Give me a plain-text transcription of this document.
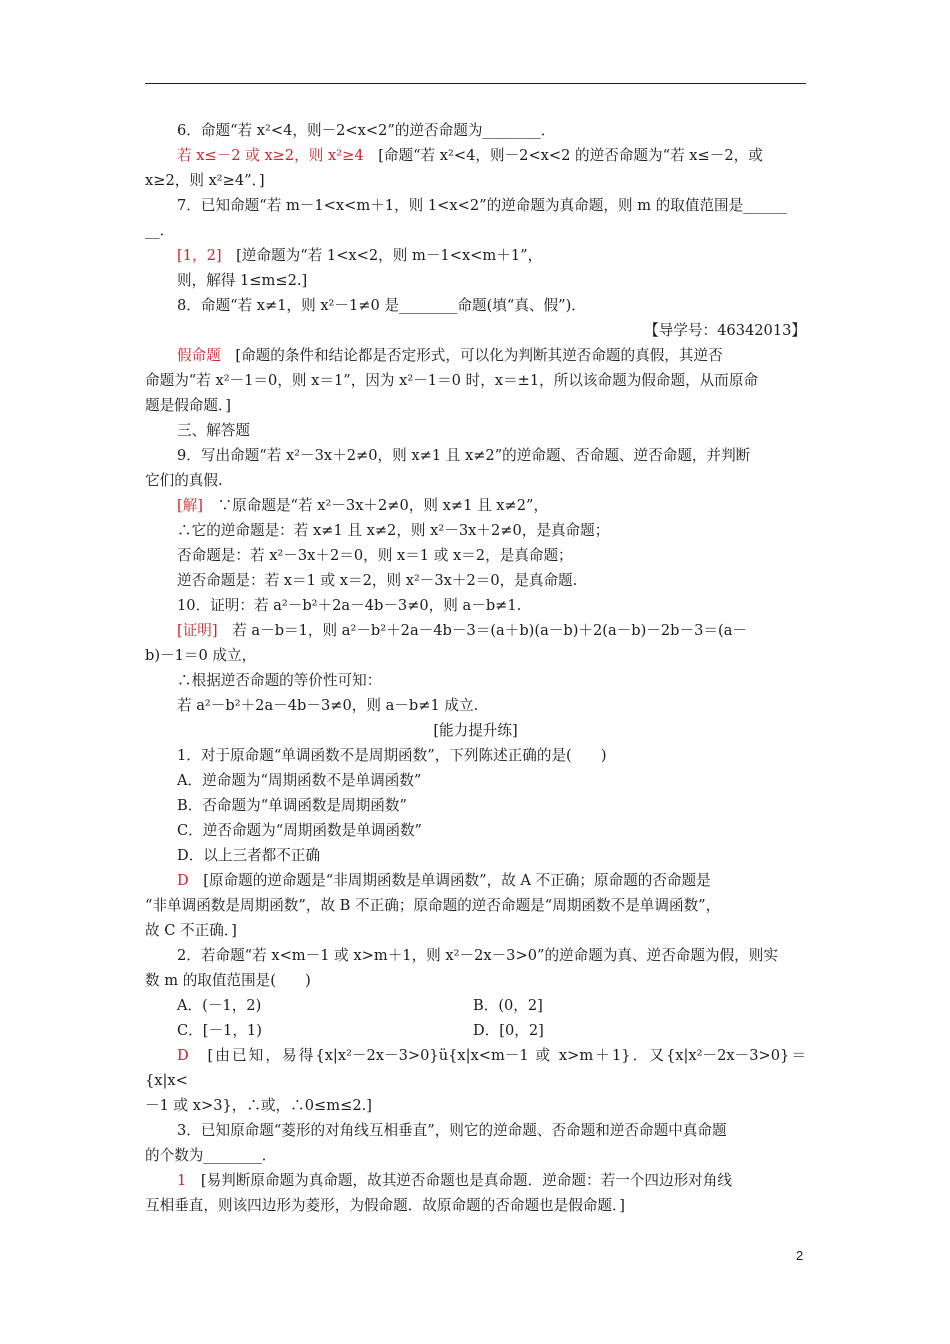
6．命题“若 x²<4，则－2<x<2”的逆否命题为________．
若 x≤－2 或 x≥2，则 x²≥4　[命题“若 x²<4，则－2<x<2 的逆否命题为“若 x≤－2，或
x≥2，则 x²≥4”．]
7．已知命题“若 m－1<x<m＋1，则 1<x<2”的逆命题为真命题，则 m 的取值范围是______
__．
[1，2]　[逆命题为“若 1<x<2，则 m－1<x<m＋1”，
则，解得 1≤m≤2.]
8．命题“若 x≠1，则 x²－1≠0 是________命题(填“真、假”)．
【导学号：46342013】
假命题　[命题的条件和结论都是否定形式，可以化为判断其逆否命题的真假，其逆否
命题为“若 x²－1＝0，则 x＝1”，因为 x²－1＝0 时，x＝±1，所以该命题为假命题，从而原命
题是假命题．]
三、解答题
9．写出命题“若 x²－3x＋2≠0，则 x≠1 且 x≠2”的逆命题、否命题、逆否命题，并判断
它们的真假.
[解]　∵原命题是“若 x²－3x＋2≠0，则 x≠1 且 x≠2”，
∴它的逆命题是：若 x≠1 且 x≠2，则 x²－3x＋2≠0，是真命题；
否命题是：若 x²－3x＋2＝0，则 x＝1 或 x＝2，是真命题；
逆否命题是：若 x＝1 或 x＝2，则 x²－3x＋2＝0，是真命题.
10．证明：若 a²－b²＋2a－4b－3≠0，则 a－b≠1.
[证明]　若 a－b＝1，则 a²－b²＋2a－4b－3＝(a＋b)(a－b)＋2(a－b)－2b－3＝(a－
b)－1＝0 成立，
∴根据逆否命题的等价性可知：
若 a²－b²＋2a－4b－3≠0，则 a－b≠1 成立.
[能力提升练]
1．对于原命题“单调函数不是周期函数”，下列陈述正确的是(　　)
A．逆命题为“周期函数不是单调函数”
B．否命题为“单调函数是周期函数”
C．逆否命题为“周期函数是单调函数”
D．以上三者都不正确
D　[原命题的逆命题是“非周期函数是单调函数”，故 A 不正确；原命题的否命题是
“非单调函数是周期函数”，故 B 不正确；原命题的逆否命题是“周期函数不是单调函数”，
故 C 不正确．]
2．若命题“若 x<m－1 或 x>m＋1，则 x²－2x－3>0”的逆命题为真、逆否命题为假，则实
数 m 的取值范围是(　　)
A．(－1，2)	B．(0，2]
C．[－1，1)	D．[0，2]
D　[由已知，易得{x|x²－2x－3>0}ü{x|x<m－1 或 x>m＋1}．又{x|x²－2x－3>0}＝{x|x<
－1 或 x>3}，∴或，∴0≤m≤2.]
3．已知原命题“菱形的对角线互相垂直”，则它的逆命题、否命题和逆否命题中真命题
的个数为________．
1　[易判断原命题为真命题，故其逆否命题也是真命题．逆命题：若一个四边形对角线
互相垂直，则该四边形为菱形，为假命题．故原命题的否命题也是假命题．]
2
